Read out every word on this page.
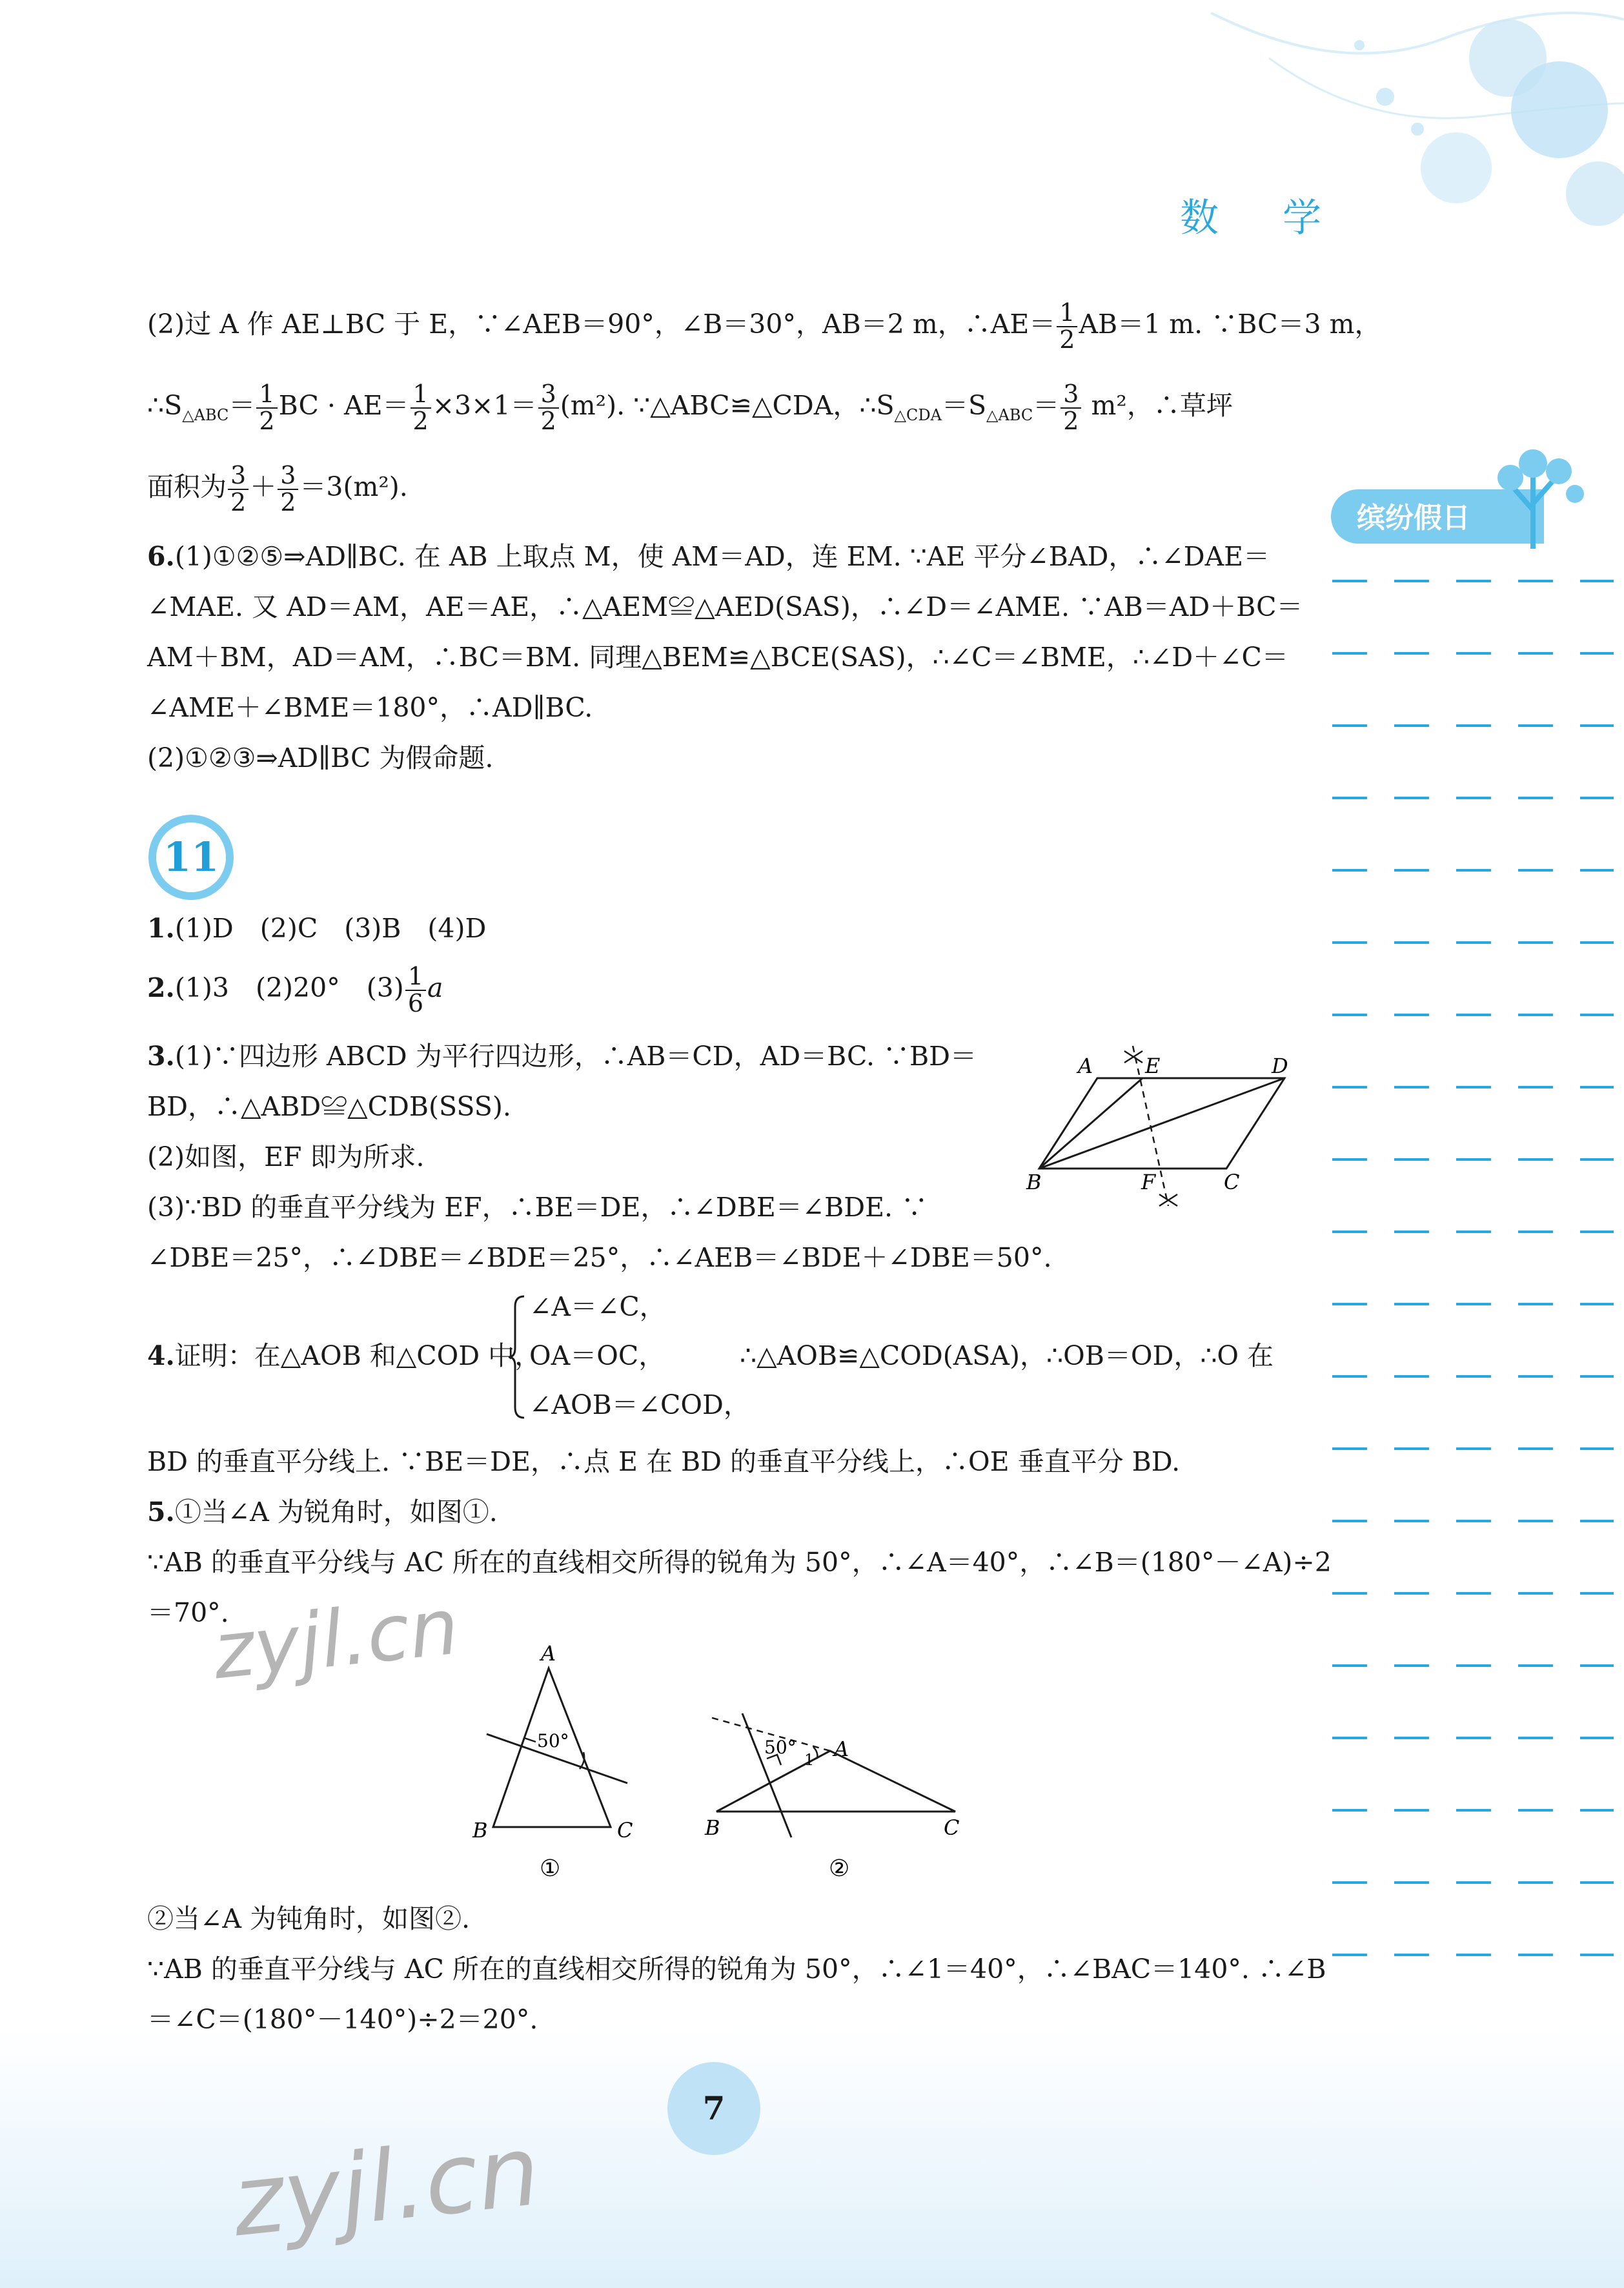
数 学
缤纷假日
11
(2)过 A 作 AE⊥BC 于 E，∵∠AEB＝90°，∠B＝30°，AB＝2 m，∴AE＝ $\frac{1}{2} AB=1$ m. ∵BC＝3 m，
$\therefore S_{\triangle ABC}= \frac{1}{2}$ BC · $AE= \frac{1}{2} \times 3\times 1= \frac{3}{2} (m^2)$. ∵△ABC≌△CDA，$\therefore S_{\triangle CDA}=S_{\triangle ABC}= \frac{3}{2} m^2$，∴草坪
面积为 $\frac{3}{2} + \frac{3}{2} =3(m^2)$.
6.(1)①②⑤⇒AD∥BC. 在 AB 上取点 M，使 AM＝AD，连 EM. ∵AE 平分∠BAD，∴∠DAE＝
∠MAE. 又 AD＝AM，AE＝AE，∴△AEM≌△AED(SAS)，∴∠D＝∠AME. ∵AB＝AD＋BC＝
AM＋BM，AD＝AM，∴BC＝BM. 同理△BEM≌△BCE(SAS)，∴∠C＝∠BME，∴∠D＋∠C＝
∠AME＋∠BME＝180°，∴AD∥BC.
(2)①②③⇒AD∥BC 为假命题.
1.(1)D　(2)C　(3)B　(4)D
2.(1)3　(2)20°　$(3) \frac{1}{6}$ a
3.(1)∵四边形 ABCD 为平行四边形，∴AB＝CD，AD＝BC. ∵BD＝
BD，∴△ABD≌△CDB(SSS).
(2)如图，EF 即为所求.
(3)∵BD 的垂直平分线为 EF，∴BE＝DE，∴∠DBE＝∠BDE. ∵
∠DBE＝25°，∴∠DBE＝∠BDE＝25°，∴∠AEB＝∠BDE＋∠DBE＝50°.
4.证明：在△AOB 和△COD 中，
∠A＝∠C，
OA＝OC，
∠AOB＝∠COD，
∴△AOB≌△COD(ASA)，∴OB＝OD，∴O 在
BD 的垂直平分线上. ∵BE＝DE，∴点 E 在 BD 的垂直平分线上，∴OE 垂直平分 BD.
5.①当∠A 为锐角时，如图①.
∵AB 的垂直平分线与 AC 所在的直线相交所得的锐角为 50°，∴∠A＝40°，∴∠B＝(180°－∠A)÷2
＝70°.
②当∠A 为钝角时，如图②.
∵AB 的垂直平分线与 AC 所在的直线相交所得的锐角为 50°，∴∠1＝40°，∴∠BAC＝140°. ∴∠B
＝∠C＝(180°－140°)÷2＝20°.
A	E	D
B	F	C
A
B	C
50°
①
A
B	C
50°
1
②
zyjl.cn
zyjl.cn
7
